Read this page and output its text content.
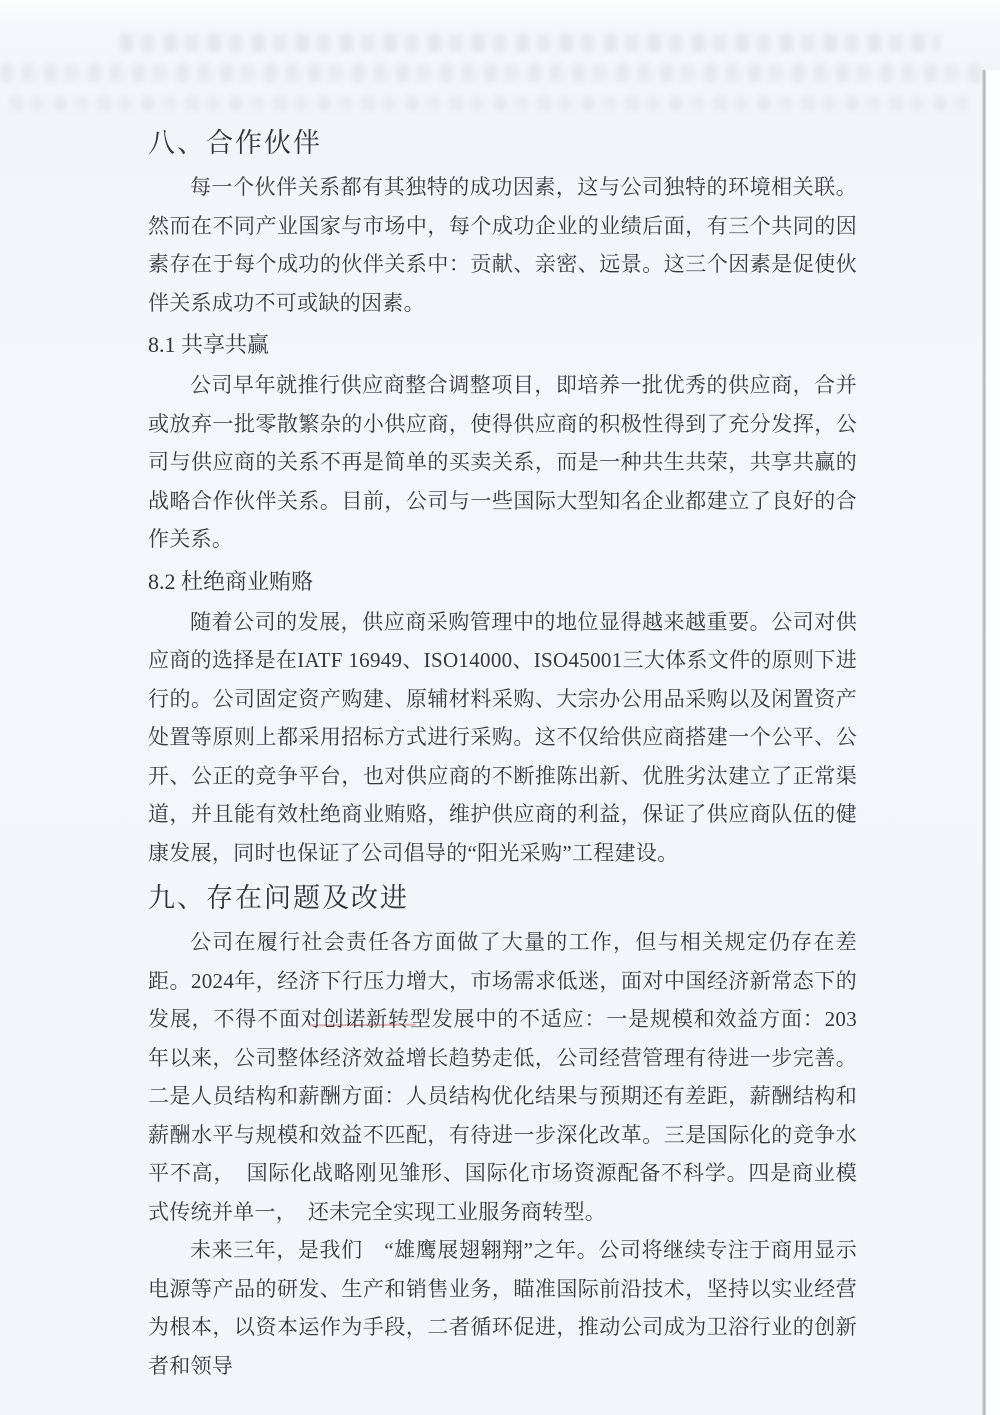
八、合作伙伴

每一个伙伴关系都有其独特的成功因素，这与公司独特的环境相关联。然而在不同产业国家与市场中，每个成功企业的业绩后面，有三个共同的因素存在于每个成功的伙伴关系中：贡献、亲密、远景。这三个因素是促使伙伴关系成功不可或缺的因素。

8.1 共享共赢

公司早年就推行供应商整合调整项目，即培养一批优秀的供应商，合并或放弃一批零散繁杂的小供应商，使得供应商的积极性得到了充分发挥，公司与供应商的关系不再是简单的买卖关系，而是一种共生共荣，共享共赢的战略合作伙伴关系。目前，公司与一些国际大型知名企业都建立了良好的合作关系。

8.2 杜绝商业贿赂

随着公司的发展，供应商采购管理中的地位显得越来越重要。公司对供应商的选择是在IATF 16949、ISO14000、ISO45001三大体系文件的原则下进行的。公司固定资产购建、原辅材料采购、大宗办公用品采购以及闲置资产处置等原则上都采用招标方式进行采购。这不仅给供应商搭建一个公平、公开、公正的竞争平台，也对供应商的不断推陈出新、优胜劣汰建立了正常渠道，并且能有效杜绝商业贿赂，维护供应商的利益，保证了供应商队伍的健康发展，同时也保证了公司倡导的“阳光采购”工程建设。

九、存在问题及改进

公司在履行社会责任各方面做了大量的工作，但与相关规定仍存在差距。2024年，经济下行压力增大，市场需求低迷，面对中国经济新常态下的发展，不得不面对创诺新转型发展中的不适应：一是规模和效益方面：203年以来，公司整体经济效益增长趋势走低，公司经营管理有待进一步完善。二是人员结构和薪酬方面：人员结构优化结果与预期还有差距，薪酬结构和薪酬水平与规模和效益不匹配，有待进一步深化改革。三是国际化的竞争水平不高，　国际化战略刚见雏形、国际化市场资源配备不科学。四是商业模式传统并单一，　还未完全实现工业服务商转型。

未来三年，是我们　“雄鹰展翅翱翔”之年。公司将继续专注于商用显示电源等产品的研发、生产和销售业务，瞄准国际前沿技术，坚持以实业经营为根本，以资本运作为手段，二者循环促进，推动公司成为卫浴行业的创新者和领导
